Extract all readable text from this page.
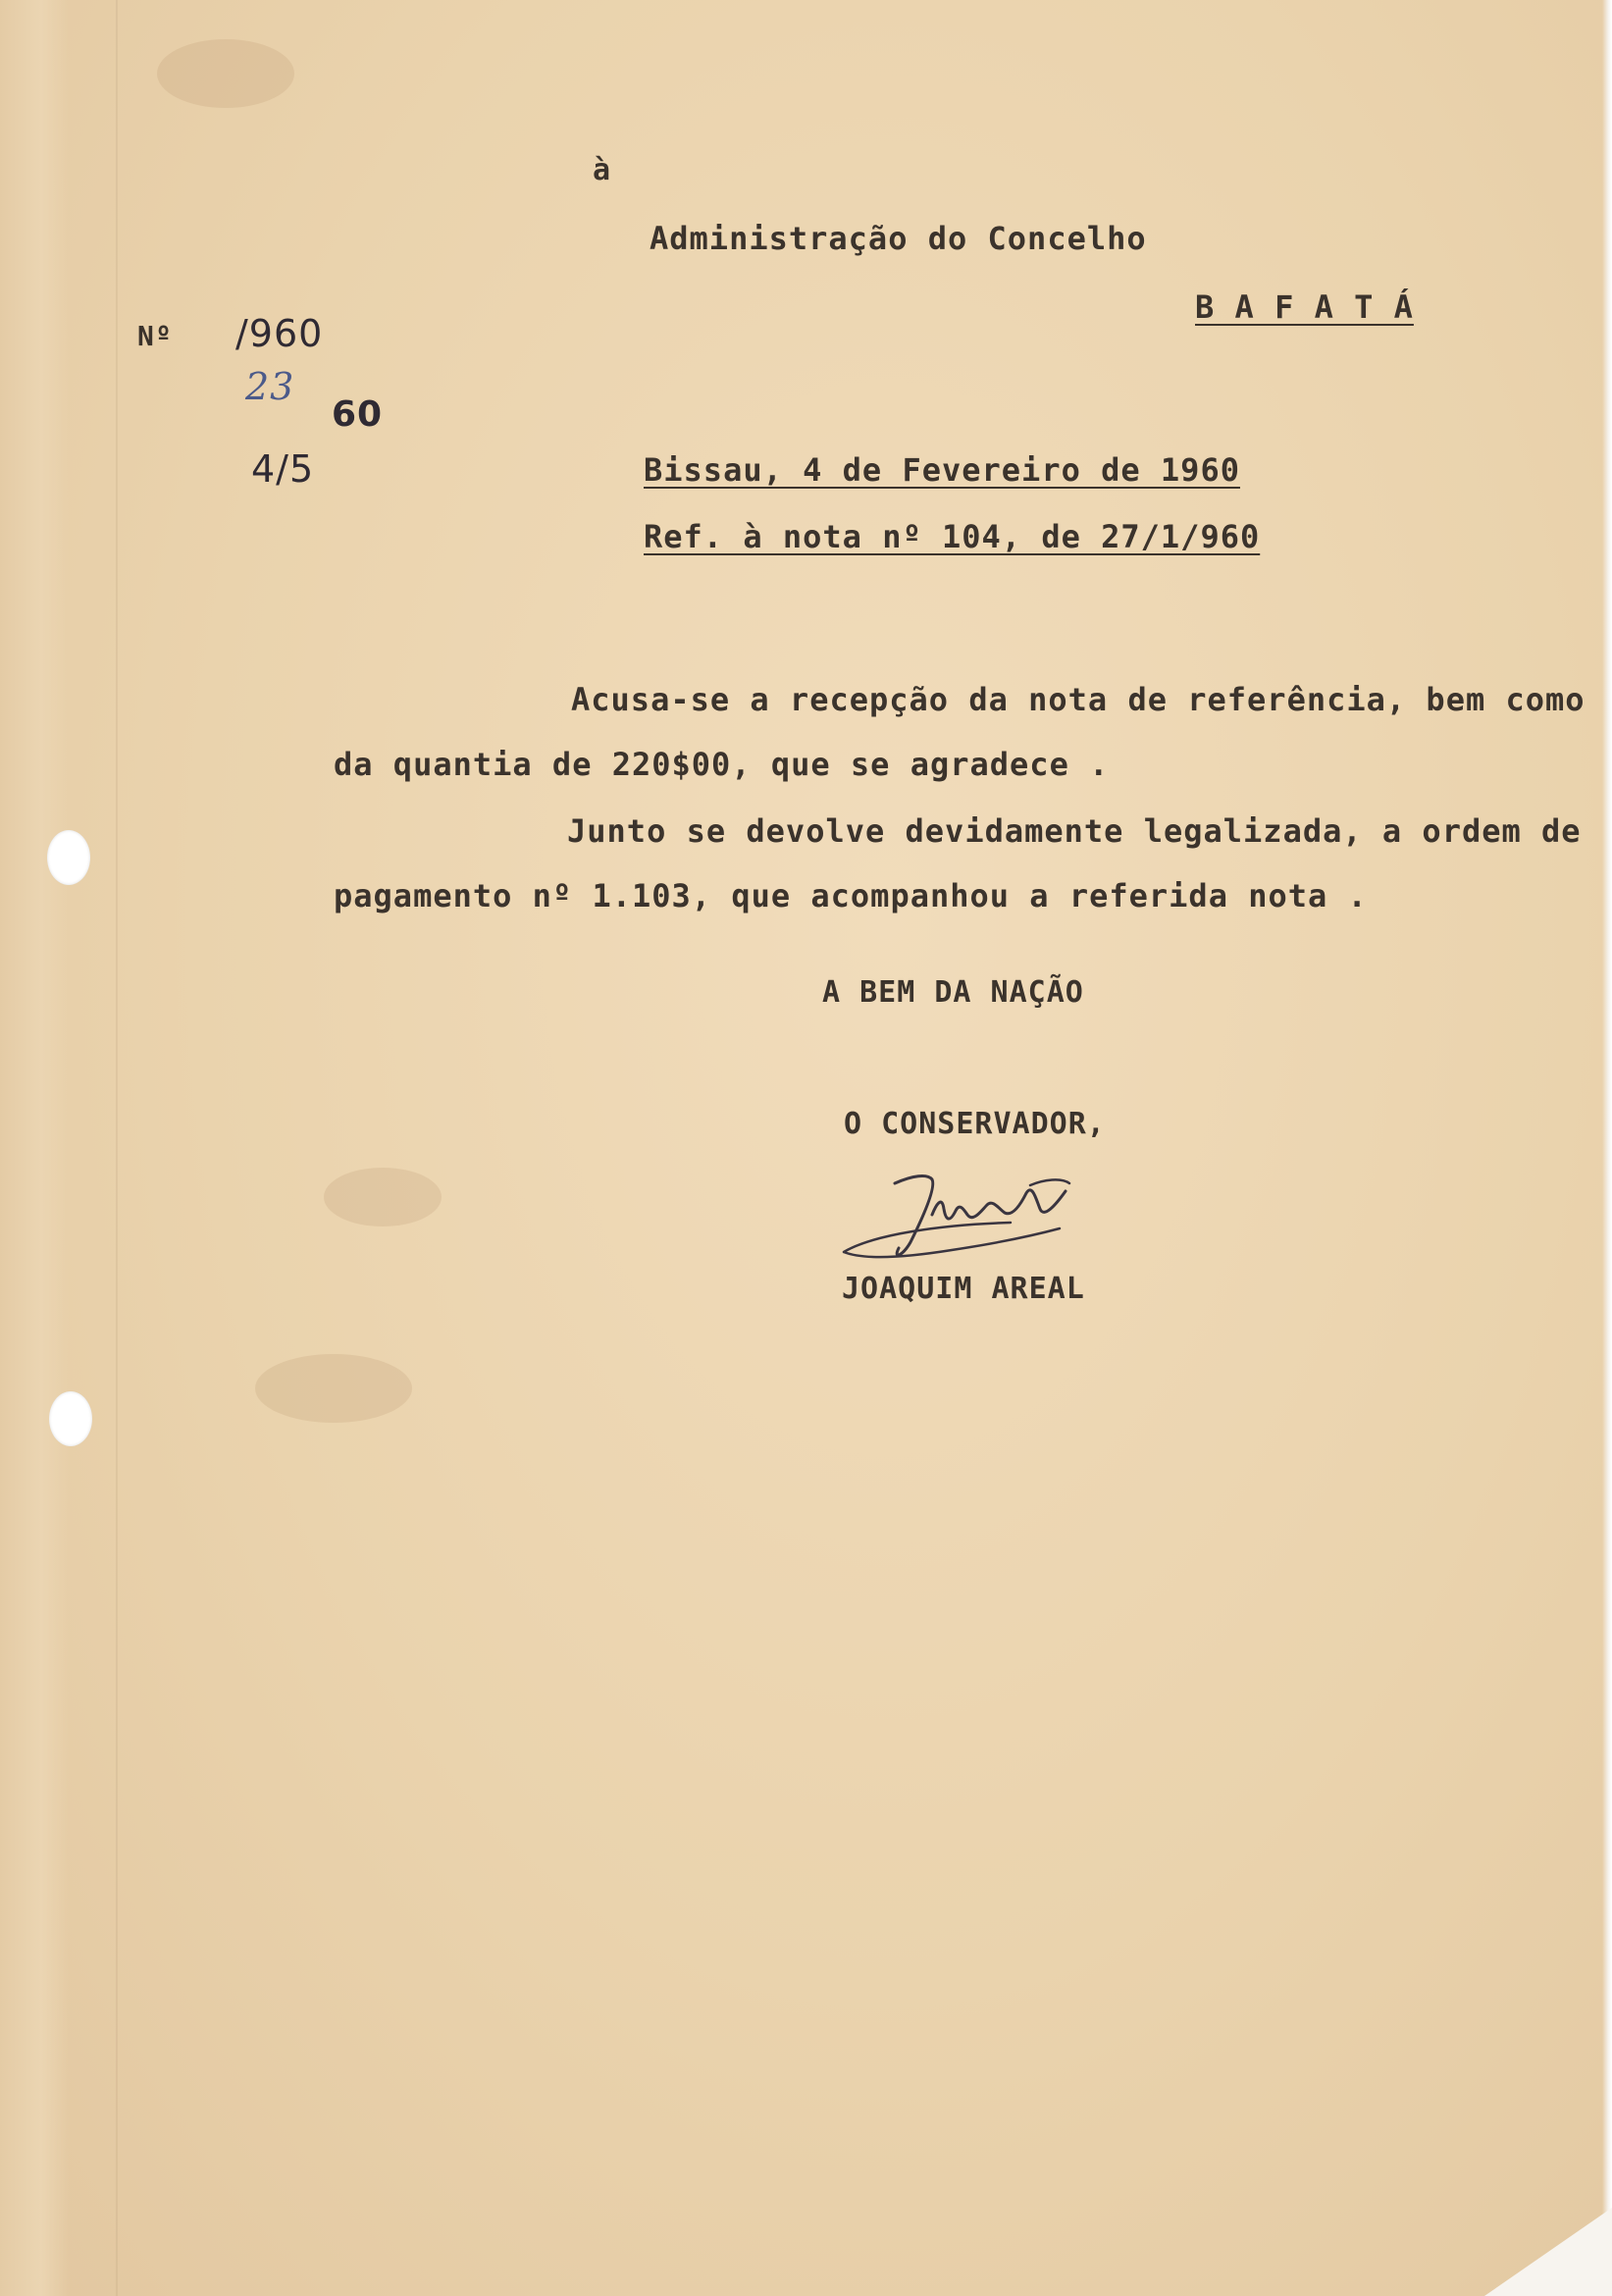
à
Administração do Concelho
B A F A T Á
Nº /960
23
60
4/5	Bissau, 4 de Fevereiro de 1960
Ref. à nota nº 104, de 27/1/960
Acusa-se a recepção da nota de referência, bem como
da quantia de 220$00, que se agradece .
Junto se devolve devidamente legalizada, a ordem de
pagamento nº 1.103, que acompanhou a referida nota .
A BEM DA NAÇÃO
O CONSERVADOR,
JOAQUIM AREAL
